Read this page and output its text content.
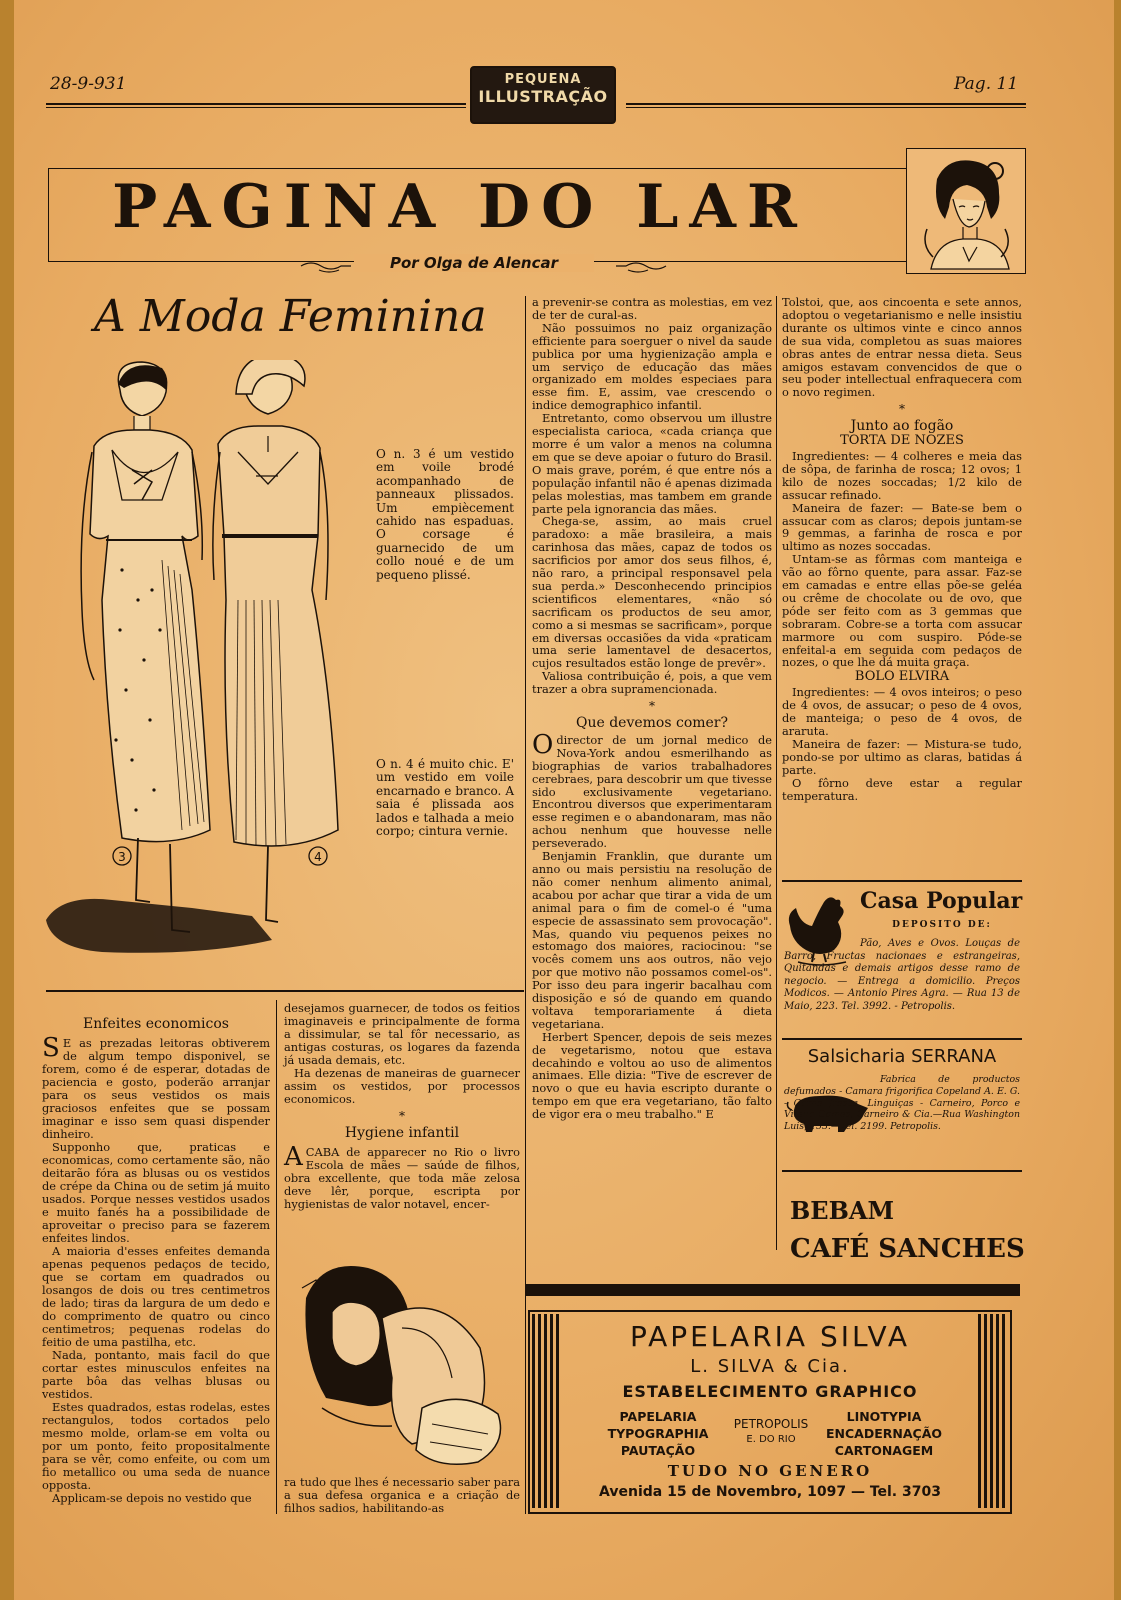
28-9-931	Pag. 11
PEQUENA
ILLUSTRAÇÃO
PAGINA DO LAR
Por Olga de Alencar
A Moda Feminina
3	4
O n. 3 é um vestido em voile brodé acompanhado de panneaux plissados. Um empiècement cahido nas espaduas. O corsage é guarnecido de um collo noué e de um pequeno plissé.
O n. 4 é muito chic. E' um vestido em voile encarnado e branco. A saia é plissada aos lados e talhada a meio corpo; cintura vernie.
Enfeites economicos

S E as prezadas leitoras obtiverem de algum tempo disponivel, se forem, como é de esperar, dotadas de paciencia e gosto, poderão arranjar para os seus vestidos os mais graciosos enfeites que se possam imaginar e isso sem quasi dispender dinheiro.

Supponho que, praticas e economicas, como certamente são, não deitarão fóra as blusas ou os vestidos de crépe da China ou de setim já muito usados. Porque nesses vestidos usados e muito fanés ha a possibilidade de aproveitar o preciso para se fazerem enfeites lindos.

A maioria d'esses enfeites demanda apenas pequenos pedaços de tecido, que se cortam em quadrados ou losangos de dois ou tres centimetros de lado; tiras da largura de um dedo e do comprimento de quatro ou cinco centimetros; pequenas rodelas do feitio de uma pastilha, etc.

Nada, pontanto, mais facil do que cortar estes minusculos enfeites na parte bôa das velhas blusas ou vestidos.

Estes quadrados, estas rodelas, estes rectangulos, todos cortados pelo mesmo molde, orlam-se em volta ou por um ponto, feito propositalmente para se vêr, como enfeite, ou com um fio metallico ou uma seda de nuance opposta.

Applicam-se depois no vestido que

desejamos guarnecer, de todos os feitios imaginaveis e principalmente de forma a dissimular, se tal fôr necessario, as antigas costuras, os logares da fazenda já usada demais, etc.

Ha dezenas de maneiras de guarnecer assim os vestidos, por processos economicos.

*
Hygiene infantil

ACABA de apparecer no Rio o livro Escola de mães — saúde de filhos, obra excellente, que toda mãe zelosa deve lêr, porque, escripta por hygienistas de valor notavel, encer-

ra tudo que lhes é necessario saber para a sua defesa organica e a criação de filhos sadios, habilitando-as

a prevenir-se contra as molestias, em vez de ter de cural-as.

Não possuimos no paiz organização efficiente para soerguer o nivel da saude publica por uma hygienização ampla e um serviço de educação das mães organizado em moldes especiaes para esse fim. E, assim, vae crescendo o indice demographico infantil.

Entretanto, como observou um illustre especialista carioca, «cada criança que morre é um valor a menos na columna em que se deve apoiar o futuro do Brasil. O mais grave, porém, é que entre nós a população infantil não é apenas dizimada pelas molestias, mas tambem em grande parte pela ignorancia das mães.

Chega-se, assim, ao mais cruel paradoxo: a mãe brasileira, a mais carinhosa das mães, capaz de todos os sacrificios por amor dos seus filhos, é, não raro, a principal responsavel pela sua perda.» Desconhecendo principios scientificos elementares, «não só sacrificam os productos de seu amor, como a si mesmas se sacrificam», porque em diversas occasiões da vida «praticam uma serie lamentavel de desacertos, cujos resultados estão longe de prevêr».

Valiosa contribuição é, pois, a que vem trazer a obra supramencionada.

*
Que devemos comer?

Odirector de um jornal medico de Nova-York andou esmerilhando as biographias de varios trabalhadores cerebraes, para descobrir um que tivesse sido exclusivamente vegetariano. Encontrou diversos que experimentaram esse regimen e o abandonaram, mas não achou nenhum que houvesse nelle perseverado.

Benjamin Franklin, que durante um anno ou mais persistiu na resolução de não comer nenhum alimento animal, acabou por achar que tirar a vida de um animal para o fim de comel-o é "uma especie de assassinato sem provocação". Mas, quando viu pequenos peixes no estomago dos maiores, raciocinou: "se vocês comem uns aos outros, não vejo por que motivo não possamos comel-os". Por isso deu para ingerir bacalhau com disposição e só de quando em quando voltava temporariamente á dieta vegetariana.

Herbert Spencer, depois de seis mezes de vegetarismo, notou que estava decahindo e voltou ao uso de alimentos animaes. Elle dizia: "Tive de escrever de novo o que eu havia escripto durante o tempo em que era vegetariano, tão falto de vigor era o meu trabalho." E

Tolstoi, que, aos cincoenta e sete annos, adoptou o vegetarianismo e nelle insistiu durante os ultimos vinte e cinco annos de sua vida, completou as suas maiores obras antes de entrar nessa dieta. Seus amigos estavam convencidos de que o seu poder intellectual enfraquecera com o novo regimen.

*
Junto ao fogão
TORTA DE NOZES

Ingredientes: — 4 colheres e meia das de sôpa, de farinha de rosca; 12 ovos; 1 kilo de nozes soccadas; 1/2 kilo de assucar refinado.

Maneira de fazer: — Bate-se bem o assucar com as claros; depois juntam-se 9 gemmas, a farinha de rosca e por ultimo as nozes soccadas.

Untam-se as fôrmas com manteiga e vão ao fôrno quente, para assar. Faz-se em camadas e entre ellas põe-se geléa ou crême de chocolate ou de ovo, que póde ser feito com as 3 gemmas que sobraram. Cobre-se a torta com assucar marmore ou com suspiro. Póde-se enfeital-a em seguida com pedaços de nozes, o que lhe dá muita graça.

BOLO ELVIRA

Ingredientes: — 4 ovos inteiros; o peso de 4 ovos, de assucar; o peso de 4 ovos, de manteiga; o peso de 4 ovos, de araruta.

Maneira de fazer: — Mistura-se tudo, pondo-se por ultimo as claras, batidas á parte.

O fôrno deve estar a regular temperatura.

Casa Popular
DEPOSITO DE:
Pão, Aves e Ovos. Louças de Barro, Fructas nacionaes e estrangeiras, Quitandas e demais artigos desse ramo de negocio. — Entrega a domicilio. Preços Modicos. — Antonio Pires Agra. — Rua 13 de Maio, 223. Tel. 3992. - Petropolis.
Salsicharia SERRANA
Fabrica de productos defumados - Camara frigorifica Copeland A. E. G. - Carne fresca, Linguiças - Carneiro, Porco e Vitella Gomes, Carneiro & Cia.—Rua Washington Luis, 153.—Tel. 2199. Petropolis.
BEBAM
CAFÉ SANCHES
PAPELARIA SILVA
L. SILVA & Cia.
ESTABELECIMENTO GRAPHICO
PAPELARIA
TYPOGRAPHIA
PAUTAÇÃO
PETROPOLIS
E. DO RIO
LINOTYPIA
ENCADERNAÇÃO
CARTONAGEM
TUDO NO GENERO
Avenida 15 de Novembro, 1097 — Tel. 3703
